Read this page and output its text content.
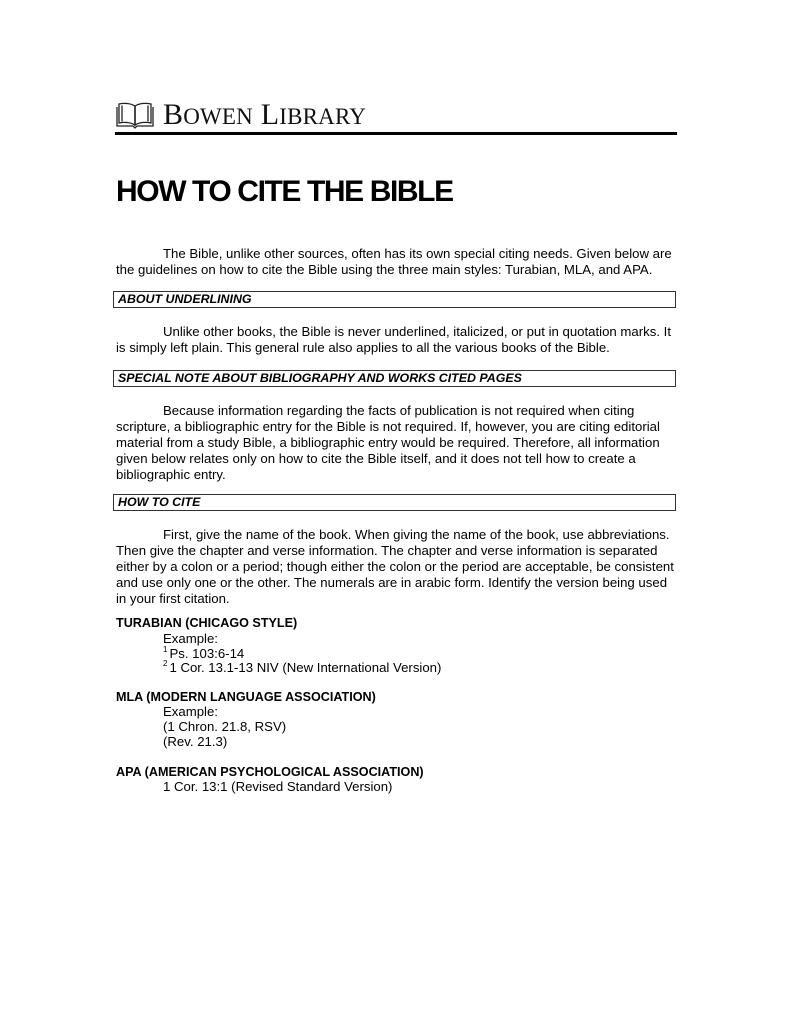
BOWEN LIBRARY
HOW TO CITE THE BIBLE

The Bible, unlike other sources, often has its own special citing needs. Given below are the guidelines on how to cite the Bible using the three main styles: Turabian, MLA, and APA.

ABOUT UNDERLINING

Unlike other books, the Bible is never underlined, italicized, or put in quotation marks. It is simply left plain. This general rule also applies to all the various books of the Bible.

SPECIAL NOTE ABOUT BIBLIOGRAPHY AND WORKS CITED PAGES

Because information regarding the facts of publication is not required when citing scripture, a bibliographic entry for the Bible is not required. If, however, you are citing editorial material from a study Bible, a bibliographic entry would be required. Therefore, all information given below relates only on how to cite the Bible itself, and it does not tell how to create a bibliographic entry.

HOW TO CITE

First, give the name of the book. When giving the name of the book, use abbreviations. Then give the chapter and verse information. The chapter and verse information is separated either by a colon or a period; though either the colon or the period are acceptable, be consistent and use only one or the other. The numerals are in arabic form. Identify the version being used in your first citation.

TURABIAN (CHICAGO STYLE)
Example:
$^1$ Ps. 103:6-14
$^2$ 1 Cor. 13.1-13 NIV (New International Version)
MLA (MODERN LANGUAGE ASSOCIATION)
Example:
(1 Chron. 21.8, RSV)
(Rev. 21.3)
APA (AMERICAN PSYCHOLOGICAL ASSOCIATION)
1 Cor. 13:1 (Revised Standard Version)
